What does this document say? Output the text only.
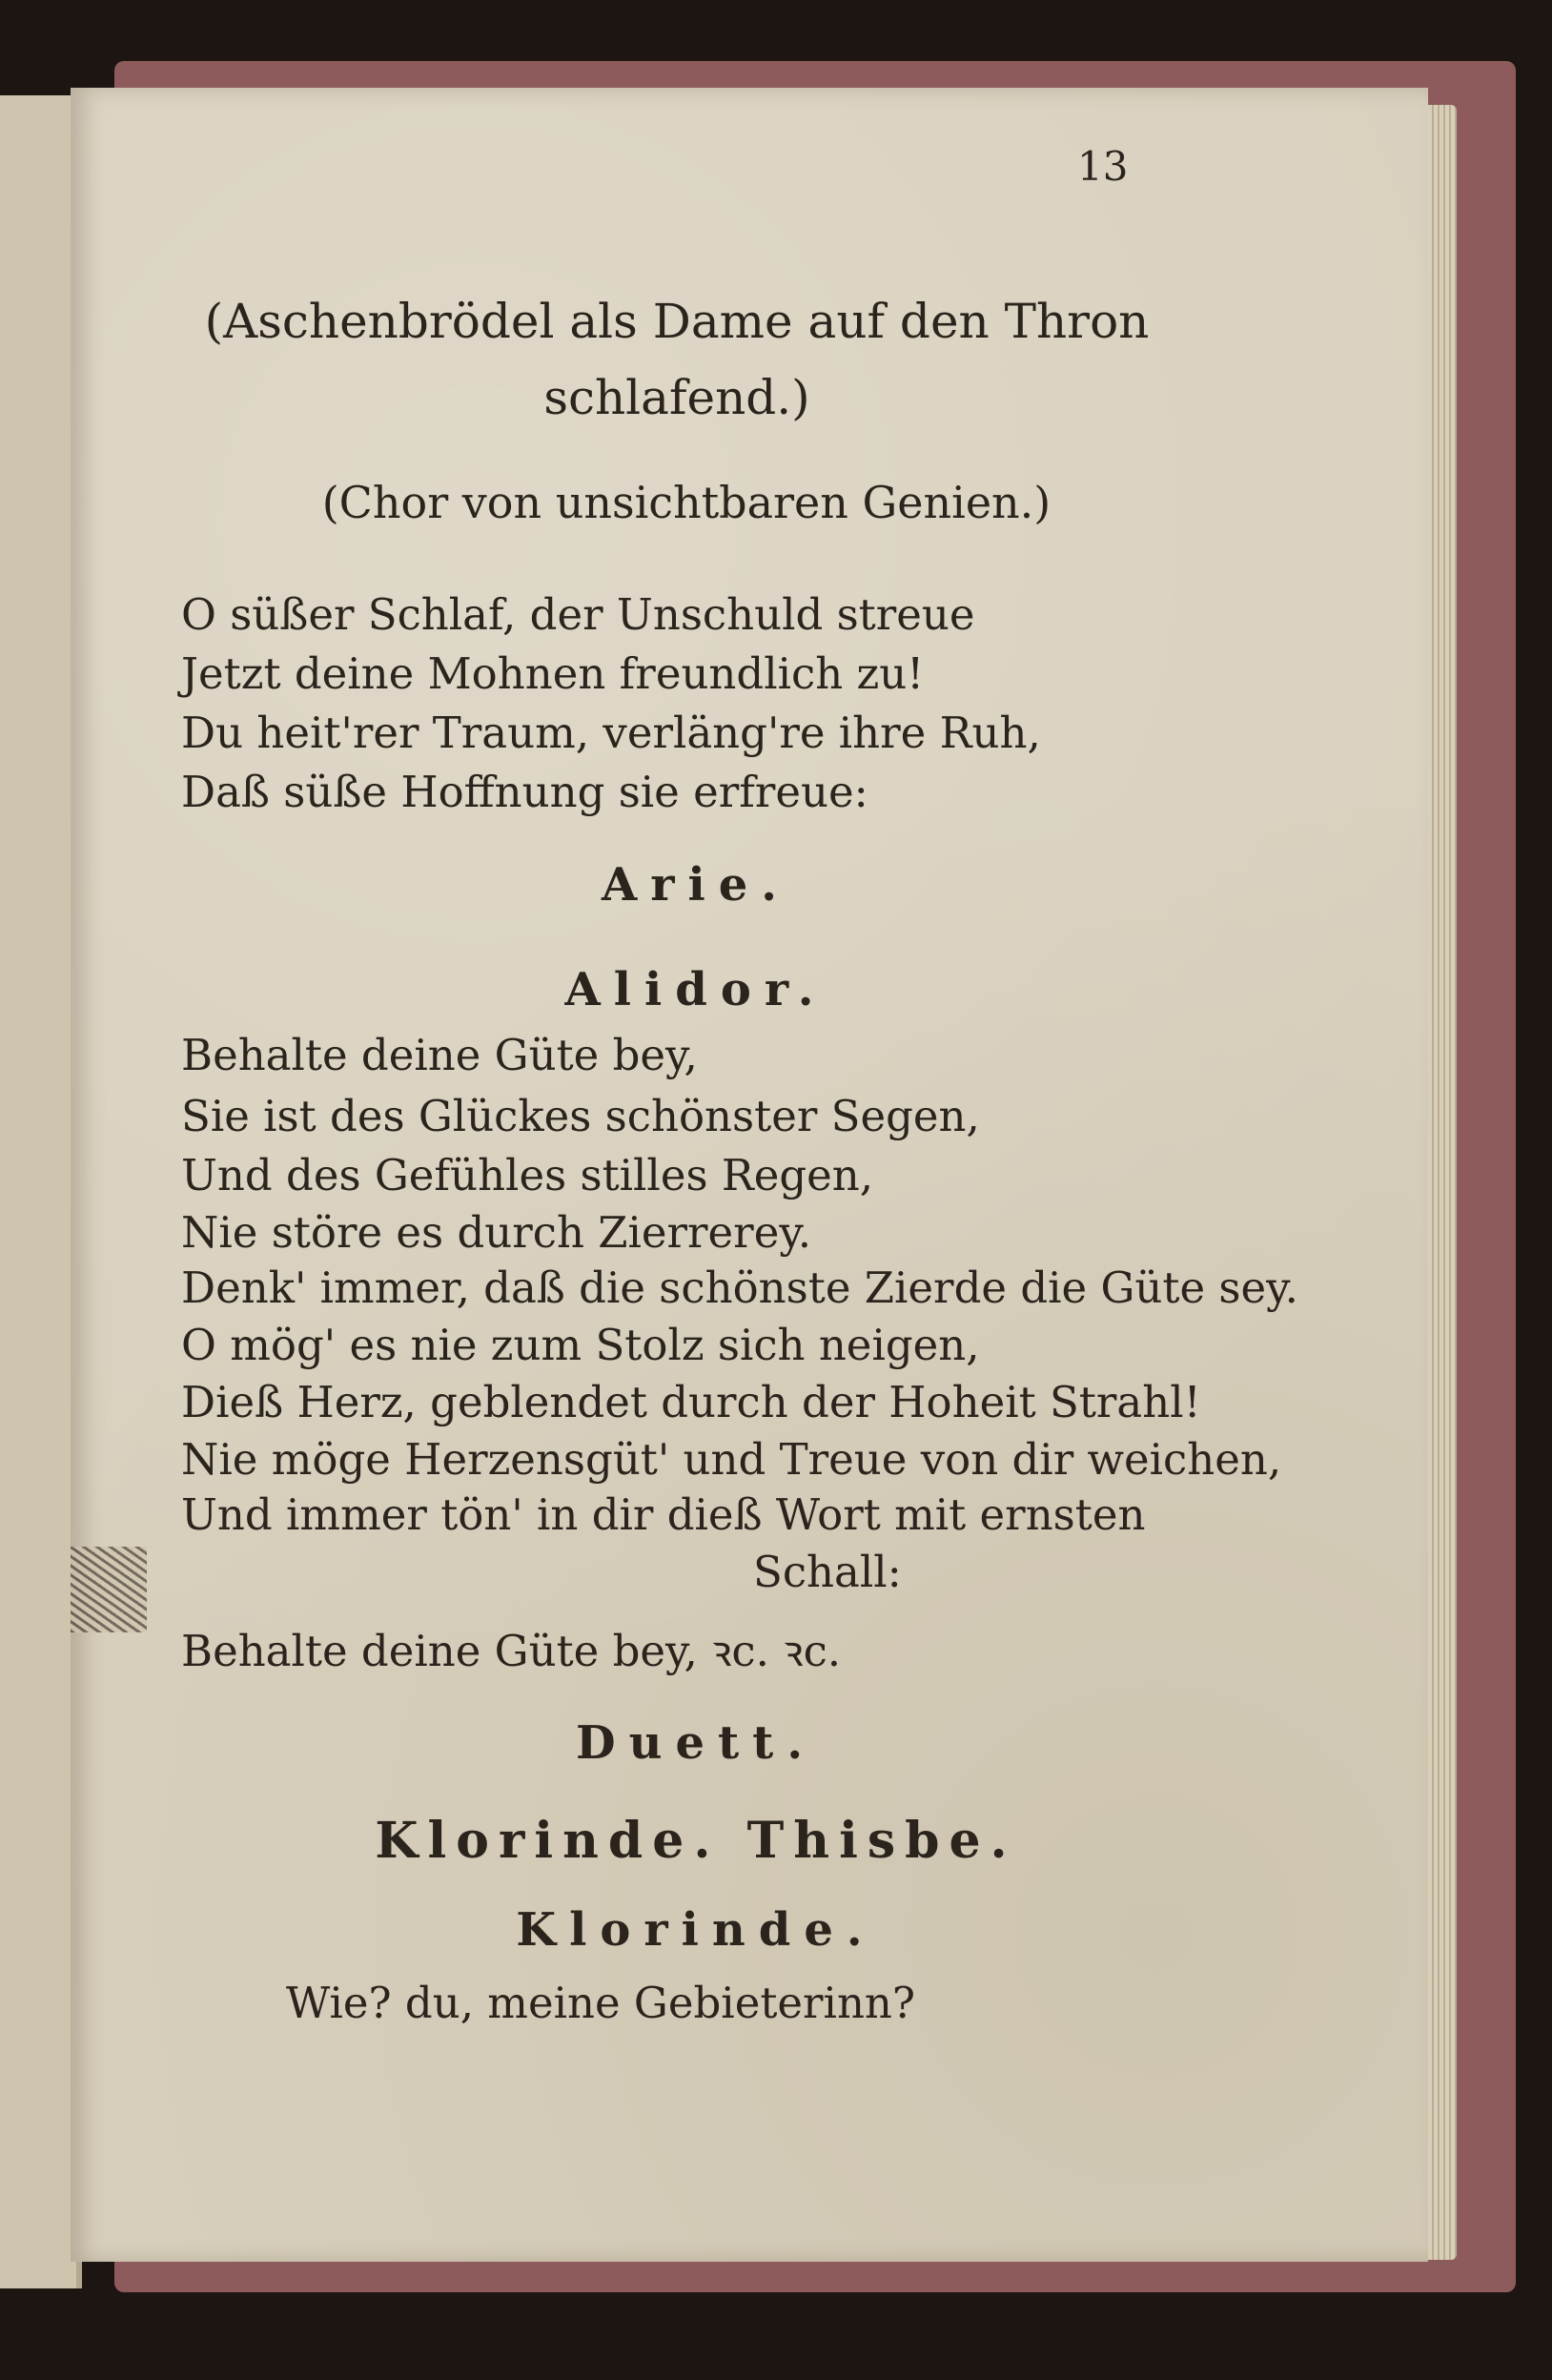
13
(Aschenbrödel als Dame auf den Thron
schlafend.)
(Chor von unsichtbaren Genien.)
O süßer Schlaf, der Unschuld streue
Jetzt deine Mohnen freundlich zu!
Du heit'rer Traum, verläng're ihre Ruh,
Daß süße Hoffnung sie erfreue:
Arie.
Alidor.
Behalte deine Güte bey,
Sie ist des Glückes schönster Segen,
Und des Gefühles stilles Regen,
Nie störe es durch Zierrerey.
Denk' immer, daß die schönste Zierde die Güte sey.
O mög' es nie zum Stolz sich neigen,
Dieß Herz, geblendet durch der Hoheit Strahl!
Nie möge Herzensgüt' und Treue von dir weichen,
Und immer tön' in dir dieß Wort mit ernsten
Schall:
Behalte deine Güte bey, ꝛc. ꝛc.
Duett.
Klorinde. Thisbe.
Klorinde.
Wie? du, meine Gebieterinn?
